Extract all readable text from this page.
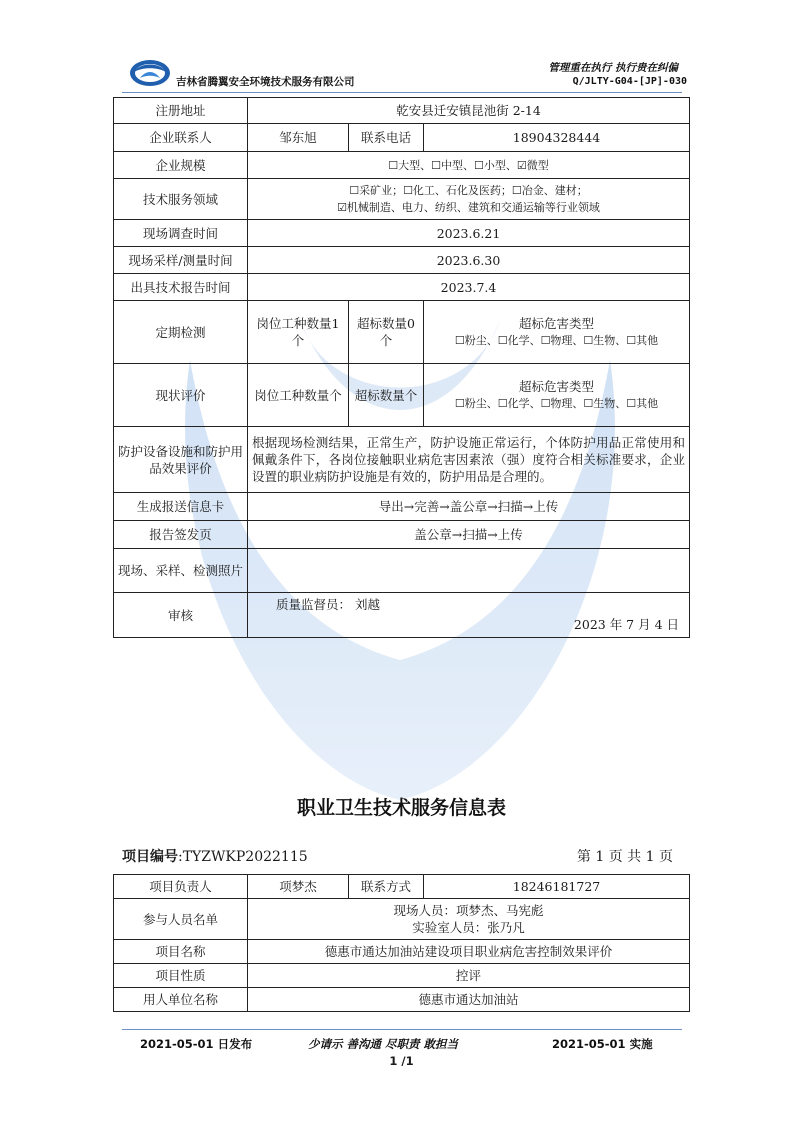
吉林省腾翼安全环境技术服务有限公司
管理重在执行 执行贵在纠偏
Q/JLTY-G04-[JP]-030
注册地址	乾安县迁安镇昆池街 2-14		
企业联系人	邹东旭	联系电话	18904328444
企业规模	☐大型、☐中型、☐小型、☑微型		
技术服务领域	☐采矿业；☐化工、石化及医药；☐冶金、建材；
☑机械制造、电力、纺织、建筑和交通运输等行业领域		

现场调查时间	2023.6.21		
现场采样/测量时间	2023.6.30		
出具技术报告时间	2023.7.4		
定期检测	岗位工种数量1个	超标数量0个	超标危害类型
☐粉尘、☐化学、☐物理、☐生物、☐其他

现状评价	岗位工种数量个	超标数量个	超标危害类型
☐粉尘、☐化学、☐物理、☐生物、☐其他

防护设备设施和防护用品效果评价	根据现场检测结果，正常生产，防护设施正常运行，个体防护用品正常使用和佩戴条件下，各岗位接触职业病危害因素浓（强）度符合相关标准要求，企业设置的职业病防护设施是有效的，防护用品是合理的。		
生成报送信息卡	导出→完善→盖公章→扫描→上传		
报告签发页	盖公章→扫描→上传		
现场、采样、检测照片			
审核	质量监督员： 刘越
2023 年 7 月 4 日		
职业卫生技术服务信息表
项目编号:TYZWKP2022115	第 1 页 共 1 页
项目负责人	项梦杰	联系方式	18246181727
参与人员名单	现场人员：项梦杰、马宪彪
实验室人员：张乃凡		

项目名称	德惠市通达加油站建设项目职业病危害控制效果评价		
项目性质	控评		
用人单位名称	德惠市通达加油站		
2021-05-01 日发布	少请示 善沟通 尽职责 敢担当	2021-05-01 实施
1 /1
